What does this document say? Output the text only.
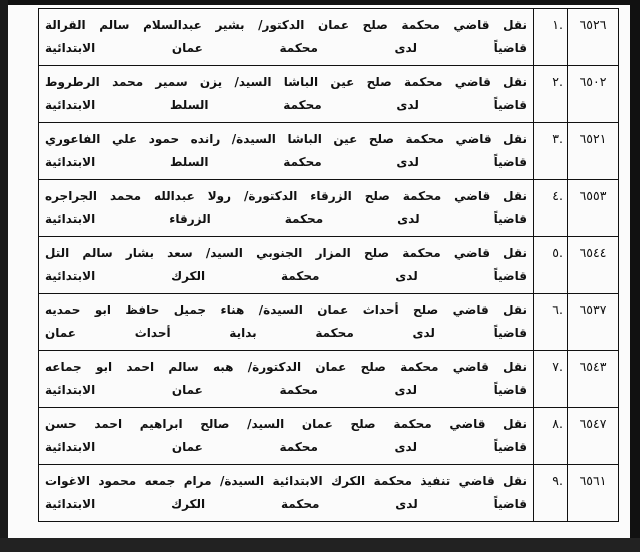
٦٥٢٦	.١	نقل قاضي محكمة صلح عمان الدكتور/ بشير عبدالسلام سالم القرالة
قاضياً لدى محكمة عمان الابتدائية

٦٥٠٢	.٢	نقل قاضي محكمة صلح عين الباشا السيد/ يزن سمير محمد الرطروط
قاضياً لدى محكمة السلط الابتدائية

٦٥٢١	.٣	نقل قاضي محكمة صلح عين الباشا السيدة/ رانده حمود علي الفاعوري
قاضياً لدى محكمة السلط الابتدائية

٦٥٥٣	.٤	نقل قاضي محكمة صلح الزرقاء الدكتورة/ رولا عبدالله محمد الجراجره
قاضياً لدى محكمة الزرقاء الابتدائية

٦٥٤٤	.٥	نقل قاضي محكمة صلح المزار الجنوبي السيد/ سعد بشار سالم التل
قاضياً لدى محكمة الكرك الابتدائية

٦٥٣٧	.٦	نقل قاضي صلح أحداث عمان السيدة/ هناء جميل حافظ ابو حمديه
قاضياً لدى محكمة بداية أحداث عمان

٦٥٤٣	.٧	نقل قاضي محكمة صلح عمان الدكتورة/ هبه سالم احمد ابو جماعه
قاضياً لدى محكمة عمان الابتدائية

٦٥٤٧	.٨	نقل قاضي محكمة صلح عمان السيد/ صالح ابراهيم احمد حسن
قاضياً لدى محكمة عمان الابتدائية

٦٥٦١	.٩	نقل قاضي تنفيذ محكمة الكرك الابتدائية السيدة/ مرام جمعه محمود الاغوات
قاضياً لدى محكمة الكرك الابتدائية
